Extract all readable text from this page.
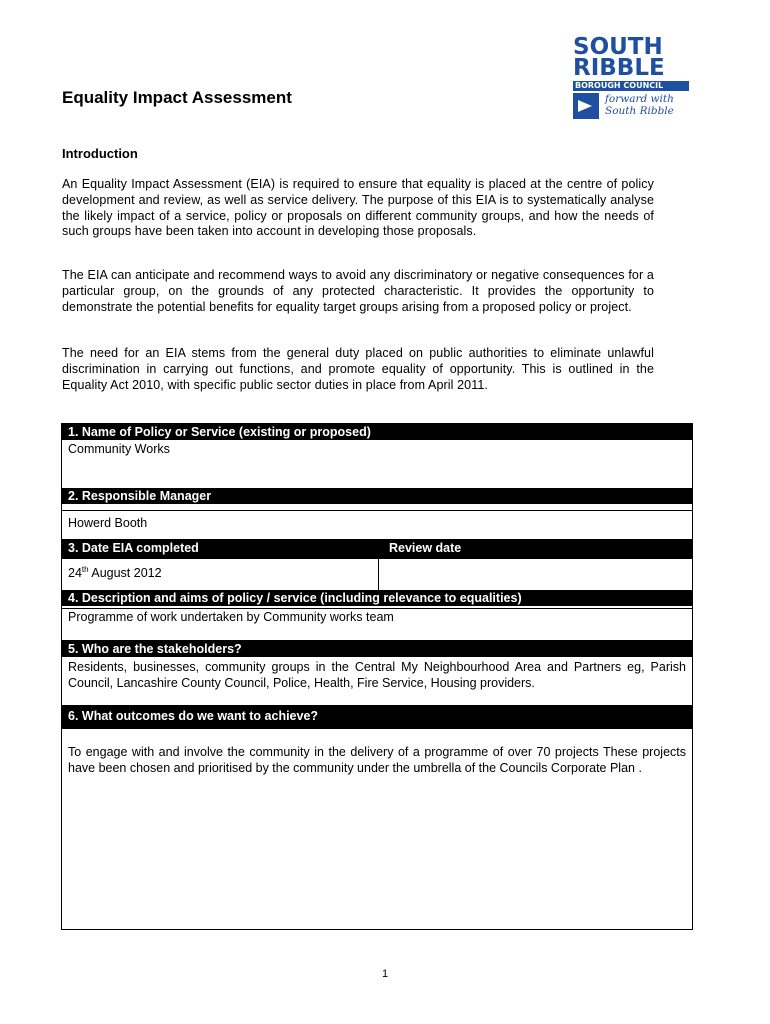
SOUTH
RIBBLE
BOROUGH COUNCIL
forward with
South Ribble
Equality Impact Assessment
Introduction
An Equality Impact Assessment (EIA) is required to ensure that equality is placed at the centre of policy development and review, as well as service delivery. The purpose of this EIA is to systematically analyse the likely impact of a service, policy or proposals on different community groups, and how the needs of such groups have been taken into account in developing those proposals.
The EIA can anticipate and recommend ways to avoid any discriminatory or negative consequences for a particular group, on the grounds of any protected characteristic. It provides the opportunity to demonstrate the potential benefits for equality target groups arising from a proposed policy or project.
The need for an EIA stems from the general duty placed on public authorities to eliminate unlawful discrimination in carrying out functions, and promote equality of opportunity. This is outlined in the Equality Act 2010, with specific public sector duties in place from April 2011.
1. Name of Policy or Service (existing or proposed)
Community Works
2. Responsible Manager
Howerd Booth
3. Date EIA completed	Review date
24th August 2012
4. Description and aims of policy / service (including relevance to equalities)
Programme of work undertaken by Community works team
5. Who are the stakeholders?
Residents, businesses, community groups in the Central My Neighbourhood Area and Partners eg, Parish Council, Lancashire County Council, Police, Health, Fire Service, Housing providers.
6. What outcomes do we want to achieve?
To engage with and involve the community in the delivery of a programme of over 70 projects These projects have been chosen and prioritised by the community under the umbrella of the Councils Corporate Plan .
1
